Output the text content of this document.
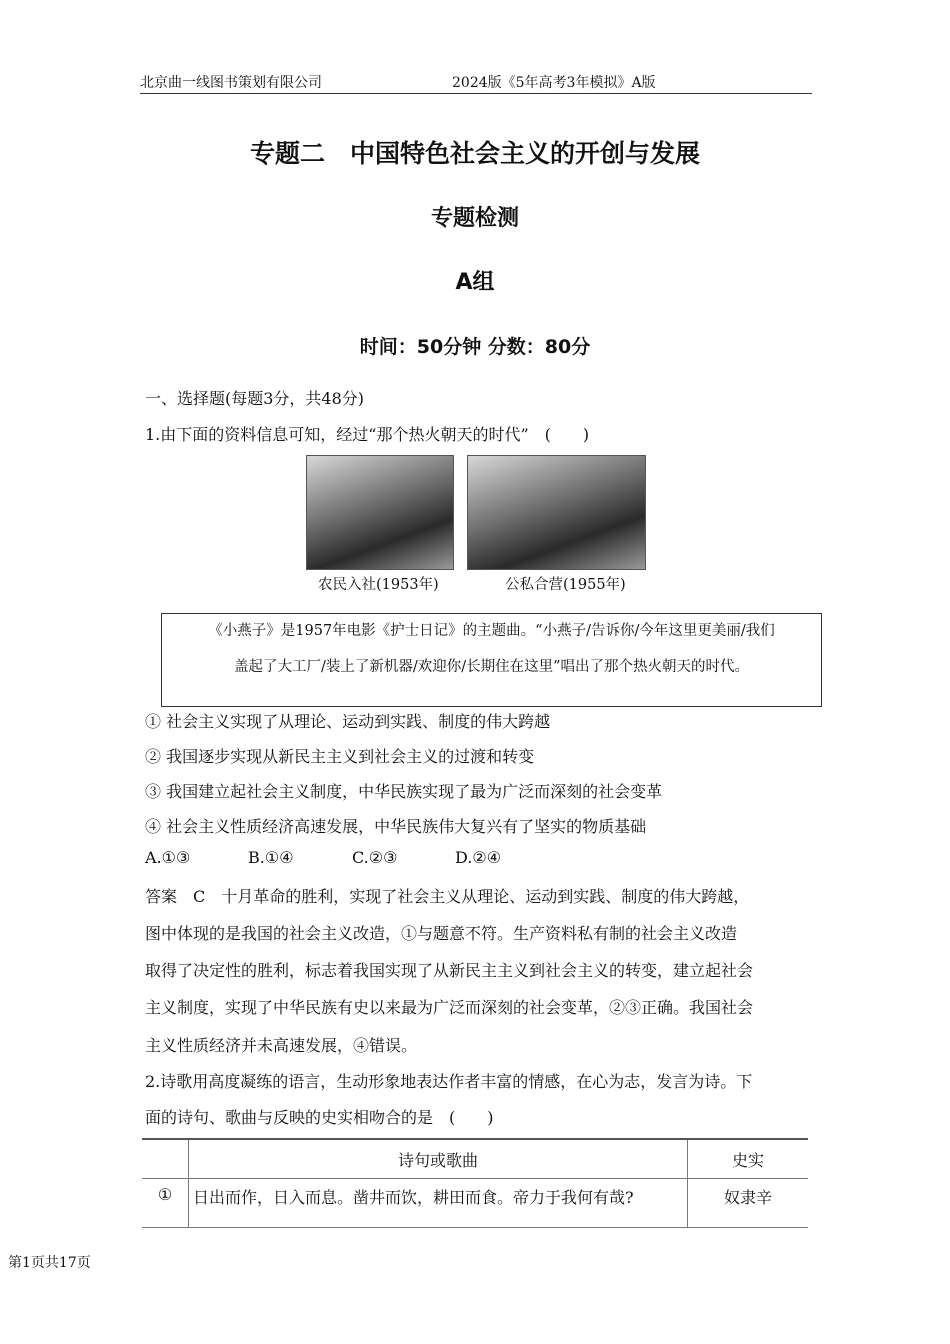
北京曲一线图书策划有限公司	2024版《5年高考3年模拟》A版
专题二　中国特色社会主义的开创与发展
专题检测
A组
时间：50分钟 分数：80分
一、选择题(每题3分，共48分)
1.由下面的资料信息可知，经过“那个热火朝天的时代”　(　　)
农民入社(1953年)	公私合营(1955年)
《小燕子》是1957年电影《护士日记》的主题曲。“小燕子/告诉你/今年这里更美丽/我们
盖起了大工厂/装上了新机器/欢迎你/长期住在这里”唱出了那个热火朝天的时代。
① 社会主义实现了从理论、运动到实践、制度的伟大跨越
② 我国逐步实现从新民主主义到社会主义的过渡和转变
③ 我国建立起社会主义制度，中华民族实现了最为广泛而深刻的社会变革
④ 社会主义性质经济高速发展，中华民族伟大复兴有了坚实的物质基础
A.①③	B.①④	C.②③	D.②④
答案　C　十月革命的胜利，实现了社会主义从理论、运动到实践、制度的伟大跨越，
图中体现的是我国的社会主义改造，①与题意不符。生产资料私有制的社会主义改造
取得了决定性的胜利，标志着我国实现了从新民主主义到社会主义的转变，建立起社会
主义制度，实现了中华民族有史以来最为广泛而深刻的社会变革，②③正确。我国社会
主义性质经济并未高速发展，④错误。
2.诗歌用高度凝练的语言，生动形象地表达作者丰富的情感，在心为志，发言为诗。下
面的诗句、歌曲与反映的史实相吻合的是　(　　)
	诗句或歌曲	史实
①	日出而作，日入而息。凿井而饮，耕田而食。帝力于我何有哉?	奴隶辛
第1页共17页
